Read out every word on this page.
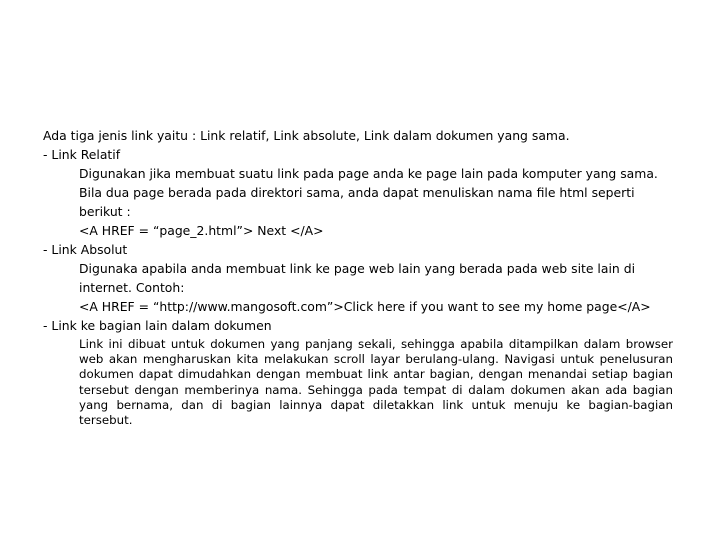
Ada tiga jenis link yaitu : Link relatif, Link absolute, Link dalam dokumen yang sama.
- Link Relatif
Digunakan jika membuat suatu link pada page anda ke page lain pada komputer yang sama.
Bila dua page berada pada direktori sama, anda dapat menuliskan nama file html seperti berikut :
<A HREF = “page_2.html”> Next </A>
- Link Absolut
Digunaka apabila anda membuat link ke page web lain yang berada pada web site lain di internet. Contoh:
<A HREF = “http://www.mangosoft.com”>Click here if you want to see my home page</A>
- Link ke bagian lain dalam dokumen
Link ini dibuat untuk dokumen yang panjang sekali, sehingga apabila ditampilkan dalam browser web akan mengharuskan kita melakukan scroll layar berulang-ulang. Navigasi untuk penelusuran dokumen dapat dimudahkan dengan membuat link antar bagian, dengan menandai setiap bagian tersebut dengan memberinya nama. Sehingga pada tempat di dalam dokumen akan ada bagian yang bernama, dan di bagian lainnya dapat diletakkan link untuk menuju ke bagian-bagian tersebut.
